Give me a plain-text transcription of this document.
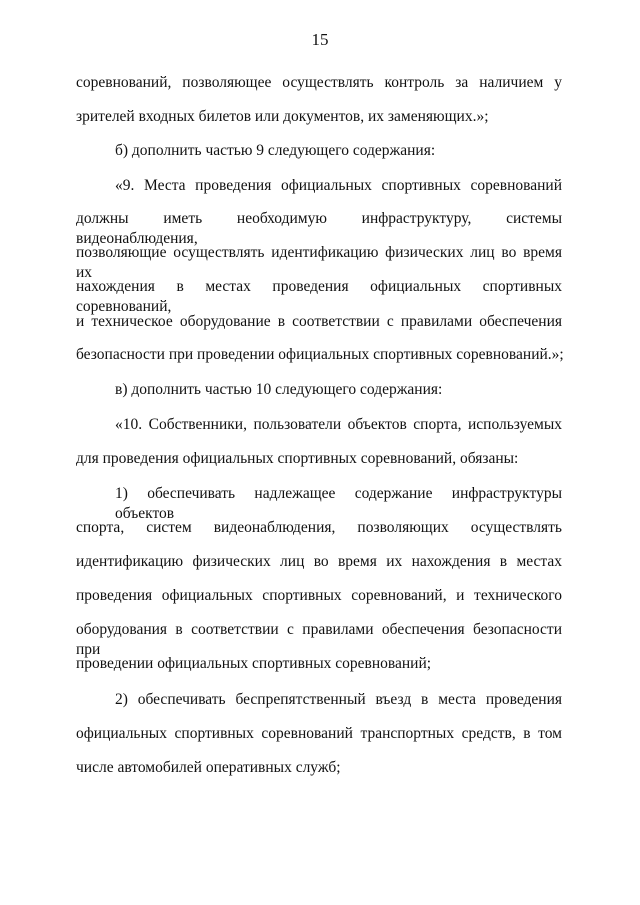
15
соревнований, позволяющее осуществлять контроль за наличием у
зрителей входных билетов или документов, их заменяющих.»;
б) дополнить частью 9 следующего содержания:
«9. Места проведения официальных спортивных соревнований
должны иметь необходимую инфраструктуру, системы видеонаблюдения,
позволяющие осуществлять идентификацию физических лиц во время их
нахождения в местах проведения официальных спортивных соревнований,
и техническое оборудование в соответствии с правилами обеспечения
безопасности при проведении официальных спортивных соревнований.»;
в) дополнить частью 10 следующего содержания:
«10. Собственники, пользователи объектов спорта, используемых
для проведения официальных спортивных соревнований, обязаны:
1) обеспечивать надлежащее содержание инфраструктуры объектов
спорта, систем видеонаблюдения, позволяющих осуществлять
идентификацию физических лиц во время их нахождения в местах
проведения официальных спортивных соревнований, и технического
оборудования в соответствии с правилами обеспечения безопасности при
проведении официальных спортивных соревнований;
2) обеспечивать беспрепятственный въезд в места проведения
официальных спортивных соревнований транспортных средств, в том
числе автомобилей оперативных служб;
